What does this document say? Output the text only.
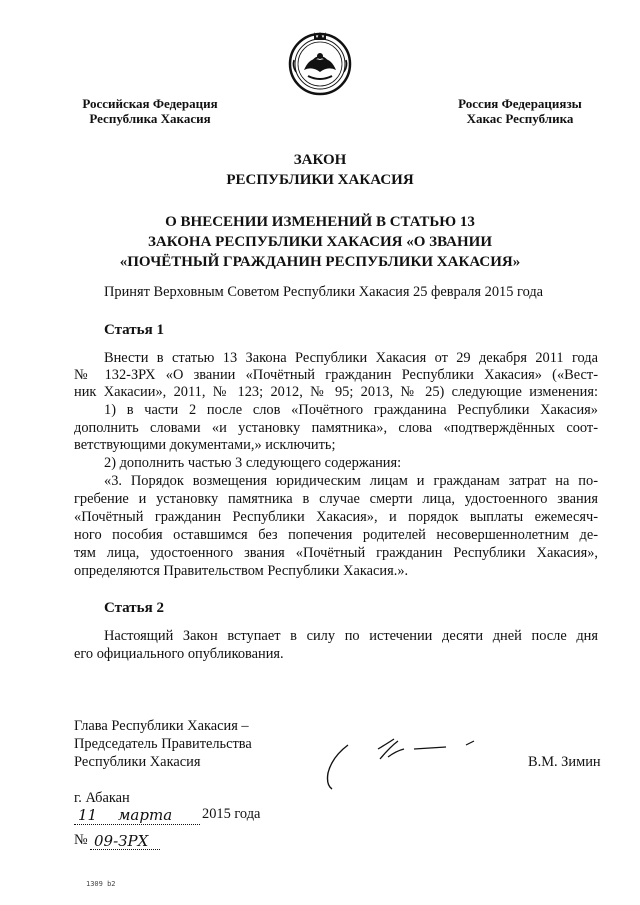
Российская Федерация
Республика Хакасия
Россия Федерациязы
Хакас Республика
ЗАКОН
РЕСПУБЛИКИ ХАКАСИЯ
О ВНЕСЕНИИ ИЗМЕНЕНИЙ В СТАТЬЮ 13
ЗАКОНА РЕСПУБЛИКИ ХАКАСИЯ «О ЗВАНИИ
«ПОЧЁТНЫЙ ГРАЖДАНИН РЕСПУБЛИКИ ХАКАСИЯ»
Принят Верховным Советом Республики Хакасия 25 февраля 2015 года
Статья 1
Внести в статью 13 Закона Республики Хакасия от 29 декабря 2011 года
№ 132-ЗРХ «О звании «Почётный гражданин Республики Хакасия» («Вест-
ник Хакасии», 2011, № 123; 2012, № 95; 2013, № 25) следующие изменения:
1) в части 2 после слов «Почётного гражданина Республики Хакасия»
дополнить словами «и установку памятника», слова «подтверждённых соот-
ветствующими документами,» исключить;
2) дополнить частью 3 следующего содержания:
«3. Порядок возмещения юридическим лицам и гражданам затрат на по-
гребение и установку памятника в случае смерти лица, удостоенного звания
«Почётный гражданин Республики Хакасия», и порядок выплаты ежемесяч-
ного пособия оставшимся без попечения родителей несовершеннолетним де-
тям лица, удостоенного звания «Почётный гражданин Республики Хакасия»,
определяются Правительством Республики Хакасия.».
Статья 2
Настоящий Закон вступает в силу по истечении десяти дней после дня
его официального опубликования.
Глава Республики Хакасия –
Председатель Правительства
Республики Хакасия	В.М. Зимин
г. Абакан
11 марта 2015 года
№ 09-ЗРХ
1309 b2
